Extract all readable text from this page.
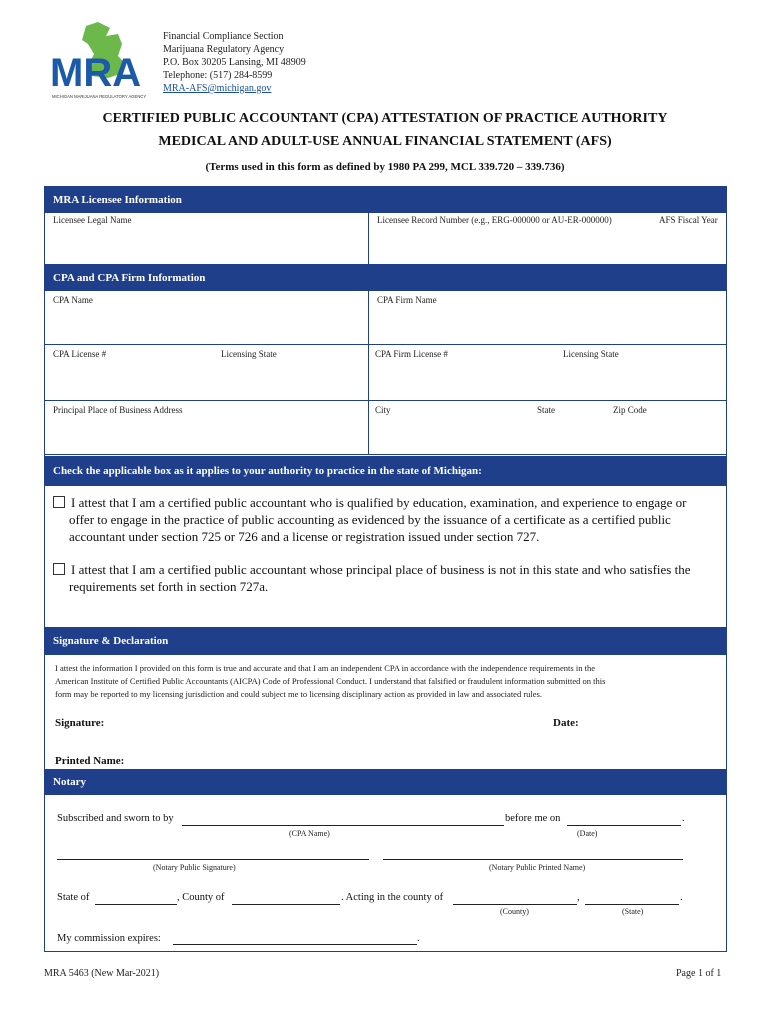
MRA
MICHIGAN MARIJUANA REGULATORY AGENCY
Financial Compliance Section
Marijuana Regulatory Agency
P.O. Box 30205 Lansing, MI 48909
Telephone: (517) 284-8599
MRA-AFS@michigan.gov
CERTIFIED PUBLIC ACCOUNTANT (CPA) ATTESTATION OF PRACTICE AUTHORITY
MEDICAL AND ADULT-USE ANNUAL FINANCIAL STATEMENT (AFS)
(Terms used in this form as defined by 1980 PA 299, MCL 339.720 – 339.736)
MRA Licensee Information
Licensee Legal Name	Licensee Record Number (e.g., ERG-000000 or AU-ER-000000)	AFS Fiscal Year
CPA and CPA Firm Information
CPA Name	CPA Firm Name
CPA License #	Licensing State	CPA Firm License #	Licensing State
Principal Place of Business Address	City	State	Zip Code
Check the applicable box as it applies to your authority to practice in the state of Michigan:
I attest that I am a certified public accountant who is qualified by education, examination, and experience to engage or
offer to engage in the practice of public accounting as evidenced by the issuance of a certificate as a certified public
accountant under section 725 or 726 and a license or registration issued under section 727.
I attest that I am a certified public accountant whose principal place of business is not in this state and who satisfies the
requirements set forth in section 727a.
Signature & Declaration
I attest the information I provided on this form is true and accurate and that I am an independent CPA in accordance with the independence requirements in the
American Institute of Certified Public Accountants (AICPA) Code of Professional Conduct. I understand that falsified or fraudulent information submitted on this
form may be reported to my licensing jurisdiction and could subject me to licensing disciplinary action as provided in law and associated rules.
Signature:	Date:
Printed Name:
Notary
Subscribed and sworn to by	before me on	.
(CPA Name)	(Date)
(Notary Public Signature)	(Notary Public Printed Name)
State of	, County of	. Acting in the county of	,	.
(County)	(State)
My commission expires:	.
MRA 5463 (New Mar-2021)	Page 1 of 1
